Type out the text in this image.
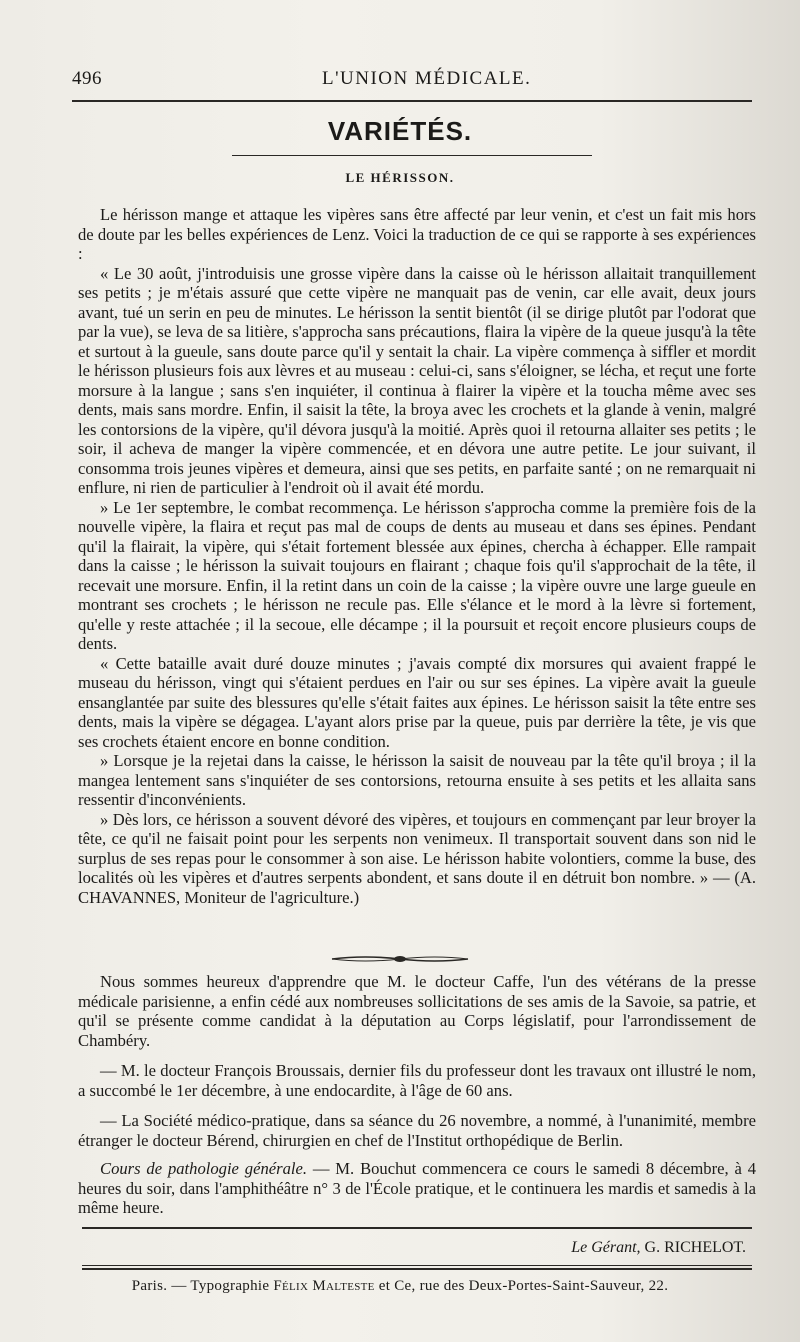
496	L'UNION MÉDICALE.
VARIÉTÉS.
LE HÉRISSON.

Le hérisson mange et attaque les vipères sans être affecté par leur venin, et c'est un fait mis hors de doute par les belles expériences de Lenz. Voici la traduction de ce qui se rapporte à ses expériences :

« Le 30 août, j'introduisis une grosse vipère dans la caisse où le hérisson allaitait tranquillement ses petits ; je m'étais assuré que cette vipère ne manquait pas de venin, car elle avait, deux jours avant, tué un serin en peu de minutes. Le hérisson la sentit bientôt (il se dirige plutôt par l'odorat que par la vue), se leva de sa litière, s'approcha sans précautions, flaira la vipère de la queue jusqu'à la tête et surtout à la gueule, sans doute parce qu'il y sentait la chair. La vipère commença à siffler et mordit le hérisson plusieurs fois aux lèvres et au museau : celui-ci, sans s'éloigner, se lécha, et reçut une forte morsure à la langue ; sans s'en inquiéter, il continua à flairer la vipère et la toucha même avec ses dents, mais sans mordre. Enfin, il saisit la tête, la broya avec les crochets et la glande à venin, malgré les contorsions de la vipère, qu'il dévora jusqu'à la moitié. Après quoi il retourna allaiter ses petits ; le soir, il acheva de manger la vipère commencée, et en dévora une autre petite. Le jour suivant, il consomma trois jeunes vipères et demeura, ainsi que ses petits, en parfaite santé ; on ne remarquait ni enflure, ni rien de particulier à l'endroit où il avait été mordu.

» Le 1er septembre, le combat recommença. Le hérisson s'approcha comme la première fois de la nouvelle vipère, la flaira et reçut pas mal de coups de dents au museau et dans ses épines. Pendant qu'il la flairait, la vipère, qui s'était fortement blessée aux épines, chercha à échapper. Elle rampait dans la caisse ; le hérisson la suivait toujours en flairant ; chaque fois qu'il s'approchait de la tête, il recevait une morsure. Enfin, il la retint dans un coin de la caisse ; la vipère ouvre une large gueule en montrant ses crochets ; le hérisson ne recule pas. Elle s'élance et le mord à la lèvre si fortement, qu'elle y reste attachée ; il la secoue, elle décampe ; il la poursuit et reçoit encore plusieurs coups de dents.

« Cette bataille avait duré douze minutes ; j'avais compté dix morsures qui avaient frappé le museau du hérisson, vingt qui s'étaient perdues en l'air ou sur ses épines. La vipère avait la gueule ensanglantée par suite des blessures qu'elle s'était faites aux épines. Le hérisson saisit la tête entre ses dents, mais la vipère se dégagea. L'ayant alors prise par la queue, puis par derrière la tête, je vis que ses crochets étaient encore en bonne condition.

» Lorsque je la rejetai dans la caisse, le hérisson la saisit de nouveau par la tête qu'il broya ; il la mangea lentement sans s'inquiéter de ses contorsions, retourna ensuite à ses petits et les allaita sans ressentir d'inconvénients.

» Dès lors, ce hérisson a souvent dévoré des vipères, et toujours en commençant par leur broyer la tête, ce qu'il ne faisait point pour les serpents non venimeux. Il transportait souvent dans son nid le surplus de ses repas pour le consommer à son aise. Le hérisson habite volontiers, comme la buse, des localités où les vipères et d'autres serpents abondent, et sans doute il en détruit bon nombre. » — (A. CHAVANNES, Moniteur de l'agriculture.)

Nous sommes heureux d'apprendre que M. le docteur Caffe, l'un des vétérans de la presse médicale parisienne, a enfin cédé aux nombreuses sollicitations de ses amis de la Savoie, sa patrie, et qu'il se présente comme candidat à la députation au Corps législatif, pour l'arrondissement de Chambéry.

— M. le docteur François Broussais, dernier fils du professeur dont les travaux ont illustré le nom, a succombé le 1er décembre, à une endocardite, à l'âge de 60 ans.

— La Société médico-pratique, dans sa séance du 26 novembre, a nommé, à l'unanimité, membre étranger le docteur Bérend, chirurgien en chef de l'Institut orthopédique de Berlin.

Cours de pathologie générale. — M. Bouchut commencera ce cours le samedi 8 décembre, à 4 heures du soir, dans l'amphithéâtre n° 3 de l'École pratique, et le continuera les mardis et samedis à la même heure.

Le Gérant, G. RICHELOT.
Paris. — Typographie Félix Malteste et Ce, rue des Deux-Portes-Saint-Sauveur, 22.
